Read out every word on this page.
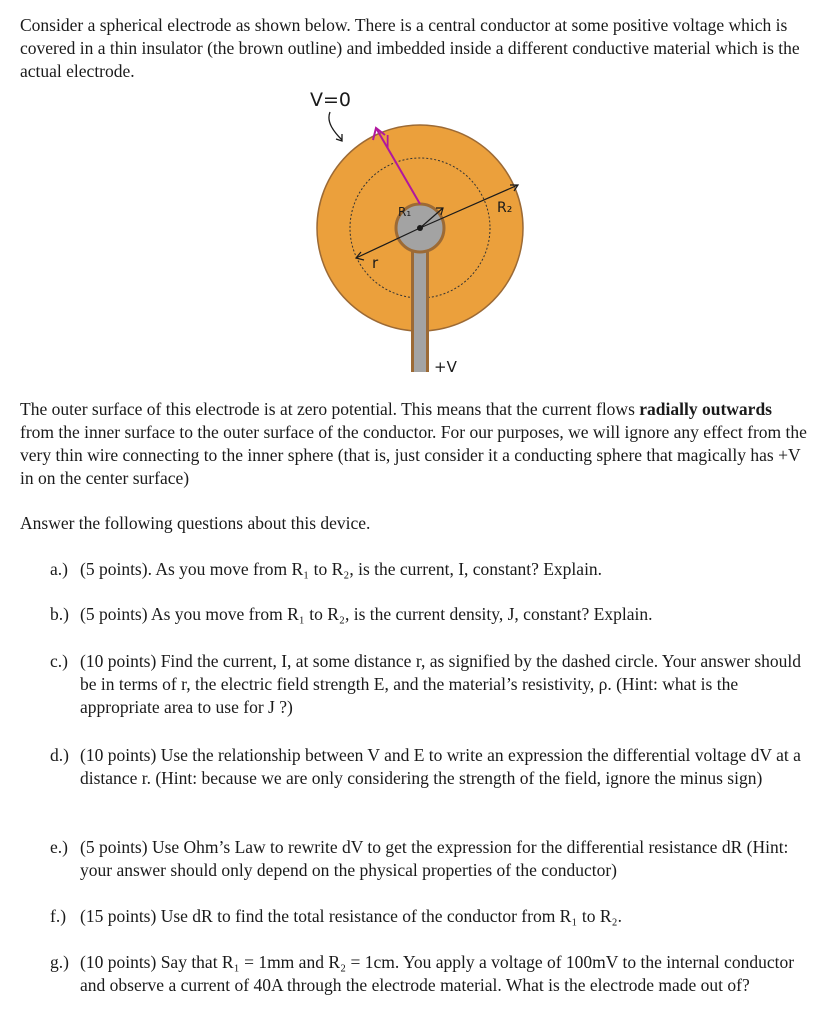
Consider a spherical electrode as shown below. There is a central conductor at some positive voltage which is covered in a thin insulator (the brown outline) and imbedded inside a different conductive material which is the actual electrode.
V=0
I
R₁	R₂
r
+V
The outer surface of this electrode is at zero potential. This means that the current flows radially outwards from the inner surface to the outer surface of the conductor. For our purposes, we will ignore any effect from the very thin wire connecting to the inner sphere (that is, just consider it a conducting sphere that magically has +V in on the center surface)
Answer the following questions about this device.
a.) (5 points). As you move from R₁ to R₂, is the current, I, constant? Explain.
b.) (5 points) As you move from R₁ to R₂, is the current density, J, constant? Explain.
c.) (10 points) Find the current, I, at some distance r, as signified by the dashed circle. Your answer should be in terms of r, the electric field strength E, and the material’s resistivity, ρ. (Hint: what is the appropriate area to use for J ?)
d.) (10 points) Use the relationship between V and E to write an expression the differential voltage dV at a distance r. (Hint: because we are only considering the strength of the field, ignore the minus sign)
e.) (5 points) Use Ohm’s Law to rewrite dV to get the expression for the differential resistance dR (Hint: your answer should only depend on the physical properties of the conductor)
f.) (15 points) Use dR to find the total resistance of the conductor from R₁ to R₂.
g.) (10 points) Say that R₁ = 1mm and R₂ = 1cm. You apply a voltage of 100mV to the internal conductor and observe a current of 40A through the electrode material. What is the electrode made out of?
